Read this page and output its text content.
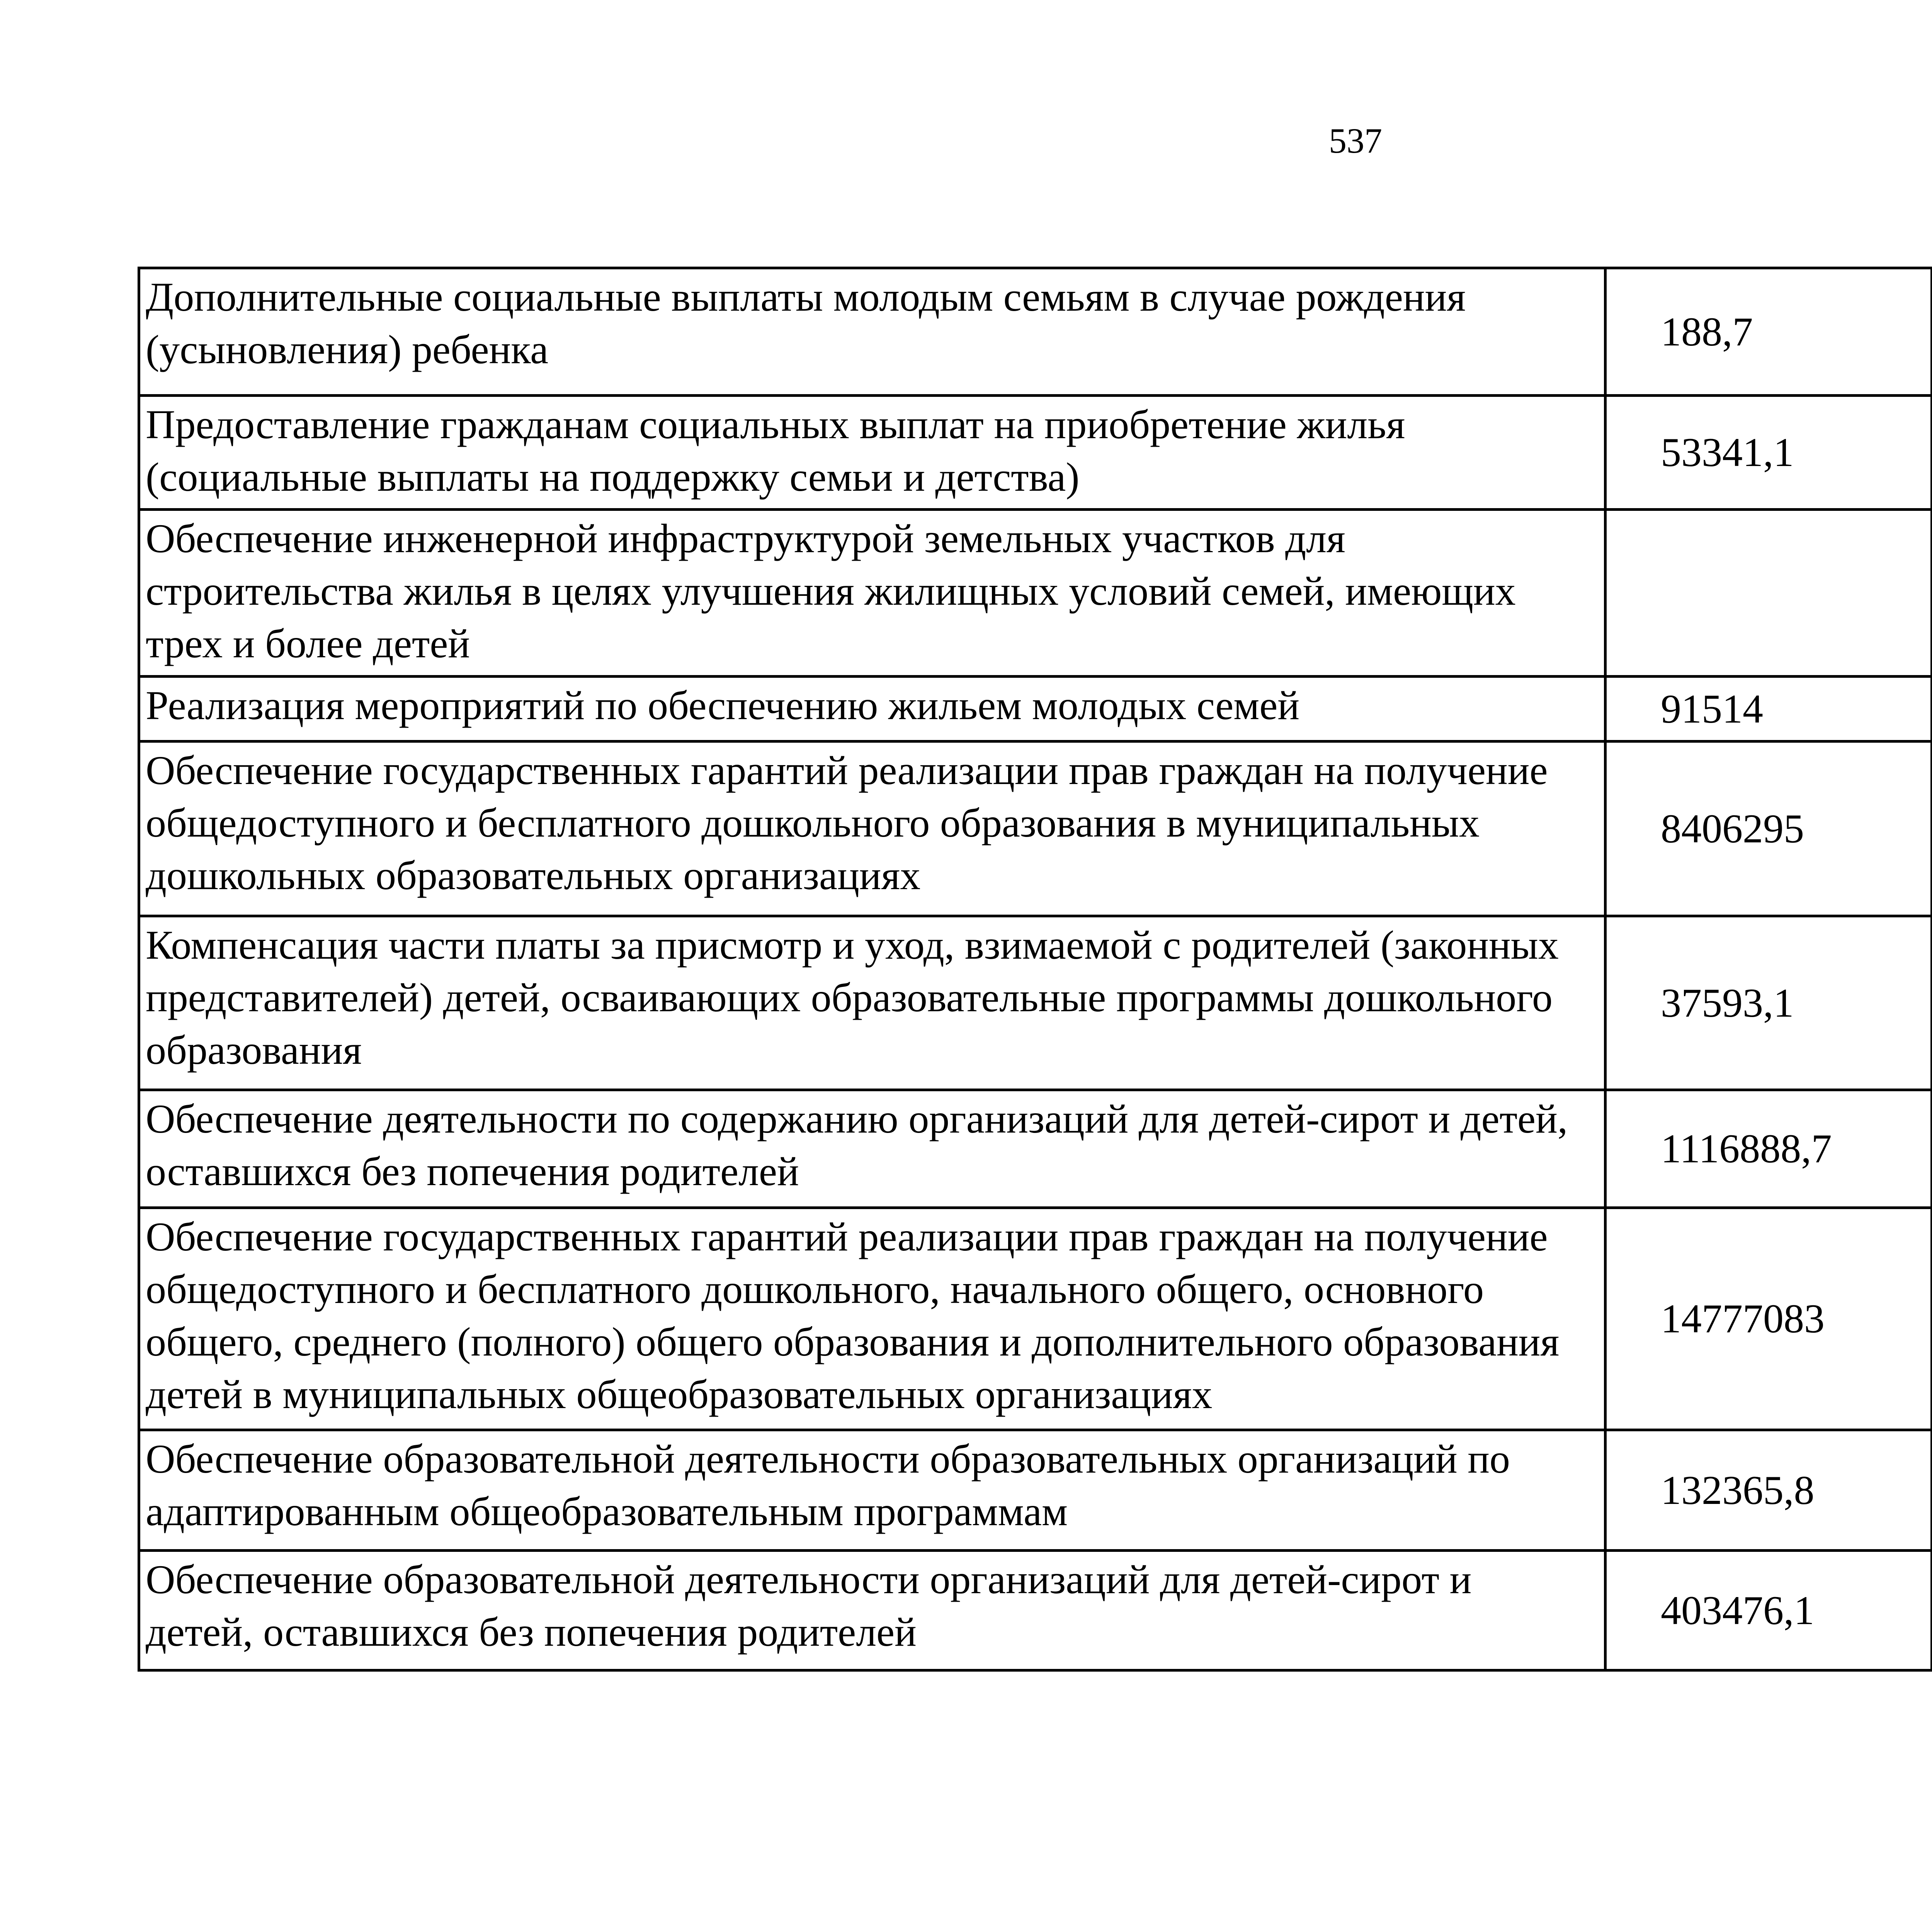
537
Дополнительные социальные выплаты молодым семьям в случае рождения
(усыновления) ребенка	188,7		
Предоставление гражданам социальных выплат на приобретение жилья
(социальные выплаты на поддержку семьи и детства)	53341,1		
Обеспечение инженерной инфраструктурой земельных участков для
строительства жилья в целях улучшения жилищных условий семей, имеющих
трех и более детей			
Реализация мероприятий по обеспечению жильем молодых семей	91514		
Обеспечение государственных гарантий реализации прав граждан на получение
общедоступного и бесплатного дошкольного образования в муниципальных
дошкольных образовательных организациях	8406295		
Компенсация части платы за присмотр и уход, взимаемой с родителей (законных
представителей) детей, осваивающих образовательные программы дошкольного
образования	37593,1		
Обеспечение деятельности по содержанию организаций для детей-сирот и детей,
оставшихся без попечения родителей	1116888,7		
Обеспечение государственных гарантий реализации прав граждан на получение
общедоступного и бесплатного дошкольного, начального общего, основного
общего, среднего (полного) общего образования и дополнительного образования
детей в муниципальных общеобразовательных организациях	14777083		
Обеспечение образовательной деятельности образовательных организаций по
адаптированным общеобразовательным программам	132365,8		
Обеспечение образовательной деятельности организаций для детей-сирот и
детей, оставшихся без попечения родителей	403476,1		
